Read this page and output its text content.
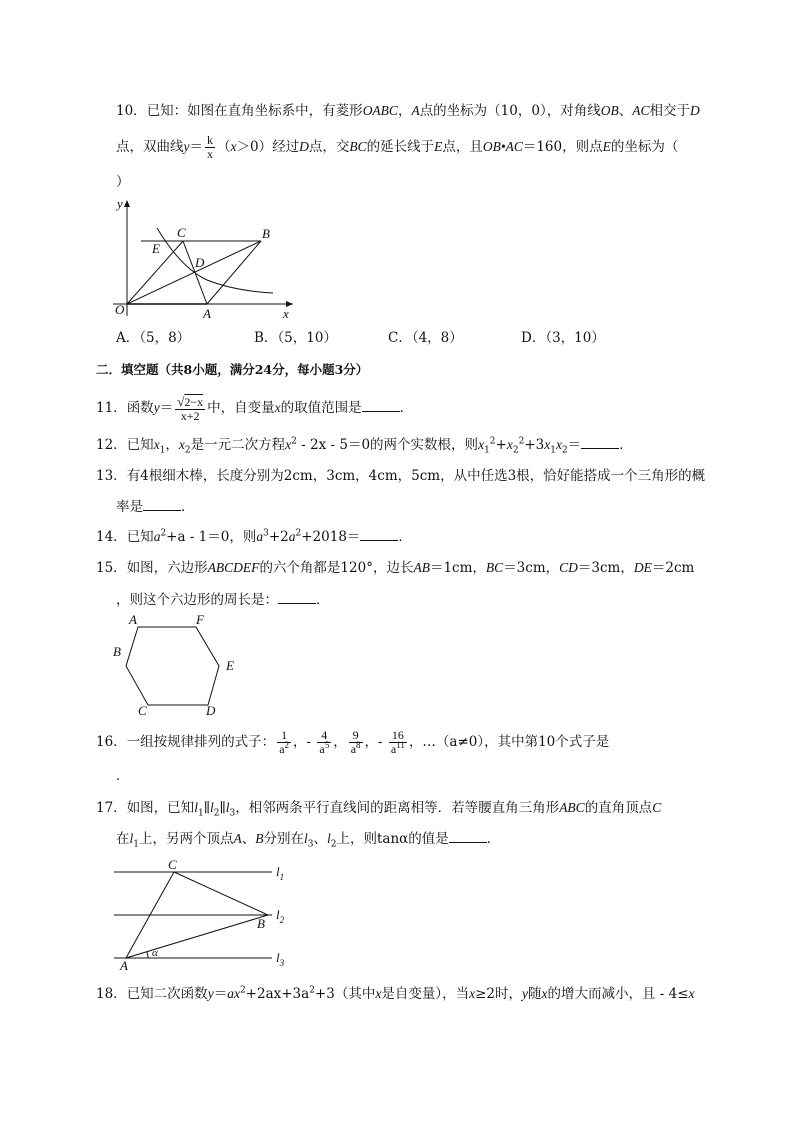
10．已知：如图在直角坐标系中，有菱形OABC，A点的坐标为（10，0），对角线OB、AC相交于D
点，双曲线$y= \frac{k}{x} (x>0)$经过D点，交BC的延长线于E点，且OB•AC＝160，则点E的坐标为（
）
y
x
O	A
B
C
D
E
A．（5，8）	B．（5，10）	C．（4，8）	D．（3，10）
二．填空题（共8小题，满分24分，每小题3分）
11．函数$y= \frac{√2-x}{x+2}$ 中，自变量x的取值范围是	．
12．已知$x_1$，$x_2$是一元二次方程$x^2 - 2x - 5=0$的两个实数根，则$x_1^2+x_2^2+3x_1x_2=$	．
13．有4根细木棒，长度分别为2cm，3cm，4cm，5cm，从中任选3根，恰好能搭成一个三角形的概
率是	．
14．已知$a^2+a - 1=0$，则$a^3+2a^2+2018=$	．
15．如图，六边形ABCDEF的六个角都是120°，边长AB＝1cm，BC＝3cm，CD＝3cm，DE＝2cm
，则这个六边形的周长是：	．
A	F
B
E
C	D
16．一组按规律排列的式子： $\frac{1}{a^2}$ ，- $\frac{4}{a^5}$ ， $\frac{9}{a^8}$ ，- $\frac{16}{a^{11}}$ ，…（a≠0），其中第10个式子是
．
17．如图，已知$l_1\parallel l_2\parallel l_3$，相邻两条平行直线间的距离相等．若等腰直角三角形ABC的直角顶点C
在$l_1$上，另两个顶点A、B分别在$l_3$、$l_2$上，则tanα的值是	．
C
B
A
α
$l_1$
$l_2$
$l_3$
18．已知二次函数$y=ax^2+2ax+3a^2+3$（其中x是自变量），当x≥2时，y随x的增大而减小，且 - 4≤x
